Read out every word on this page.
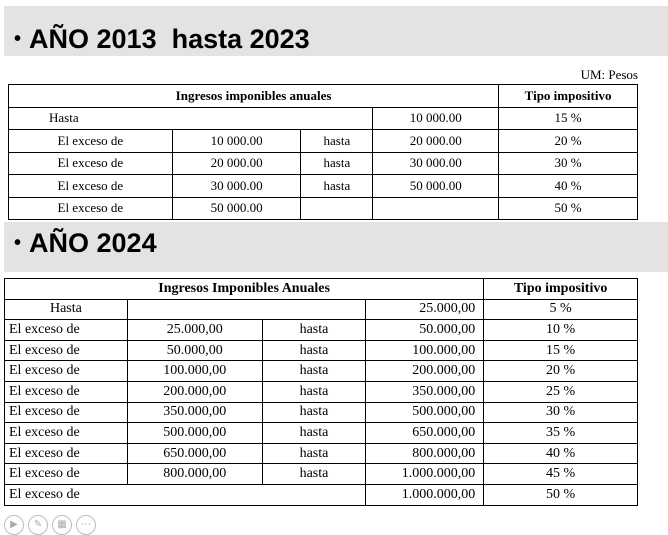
• AÑO 2013  hasta 2023
UM: Pesos
Ingresos imponibles anuales				Tipo impositivo
Hasta			10 000.00	15 %
El exceso de	10 000.00	hasta	20 000.00	20 %
El exceso de	20 000.00	hasta	30 000.00	30 %
El exceso de	30 000.00	hasta	50 000.00	40 %
El exceso de	50 000.00			50 %
• AÑO 2024
Ingresos Imponibles Anuales				Tipo impositivo
Hasta			25.000,00	5 %
El exceso de	25.000,00	hasta	50.000,00	10 %
El exceso de	50.000,00	hasta	100.000,00	15 %
El exceso de	100.000,00	hasta	200.000,00	20 %
El exceso de	200.000,00	hasta	350.000,00	25 %
El exceso de	350.000,00	hasta	500.000,00	30 %
El exceso de	500.000,00	hasta	650.000,00	35 %
El exceso de	650.000,00	hasta	800.000,00	40 %
El exceso de	800.000,00	hasta	1.000.000,00	45 %
El exceso de			1.000.000,00	50 %
▶	✎	▦	⋯
